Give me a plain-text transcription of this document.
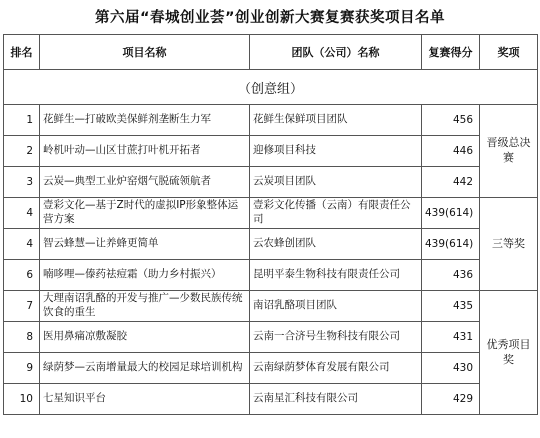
第六届“春城创业荟”创业创新大赛复赛获奖项目名单
（创意组）				
排名	项目名称	团队（公司）名称	复赛得分	奖项
1	花鲜生—打破欧美保鲜剂垄断生力军	花鲜生保鲜项目团队	456	晋级总决赛
2	岭机叶动—山区甘蔗打叶机开拓者	迎修项目科技	446	
3	云炭—典型工业炉窑烟气脱硫领航者	云炭项目团队	442	
4	壹彩文化—基于Z时代的虚拟IP形象整体运营方案	壹彩文化传播（云南）有限责任公司	439(614)	三等奖
4	智云蜂慧—让养蜂更简单	云农蜂创团队	439(614)	
6	喃哆哩—傣药祛痘霜（助力乡村振兴）	昆明平泰生物科技有限责任公司	436	
7	大理南诏乳酪的开发与推广—少数民族传统饮食的重生	南诏乳酪项目团队	435	优秀项目奖
8	医用鼻痛凉敷凝胶	云南一合济号生物科技有限公司	431	
9	绿荫梦—云南增量最大的校园足球培训机构	云南绿荫梦体育发展有限公司	430	
10	七星知识平台	云南星汇科技有限公司	429	
